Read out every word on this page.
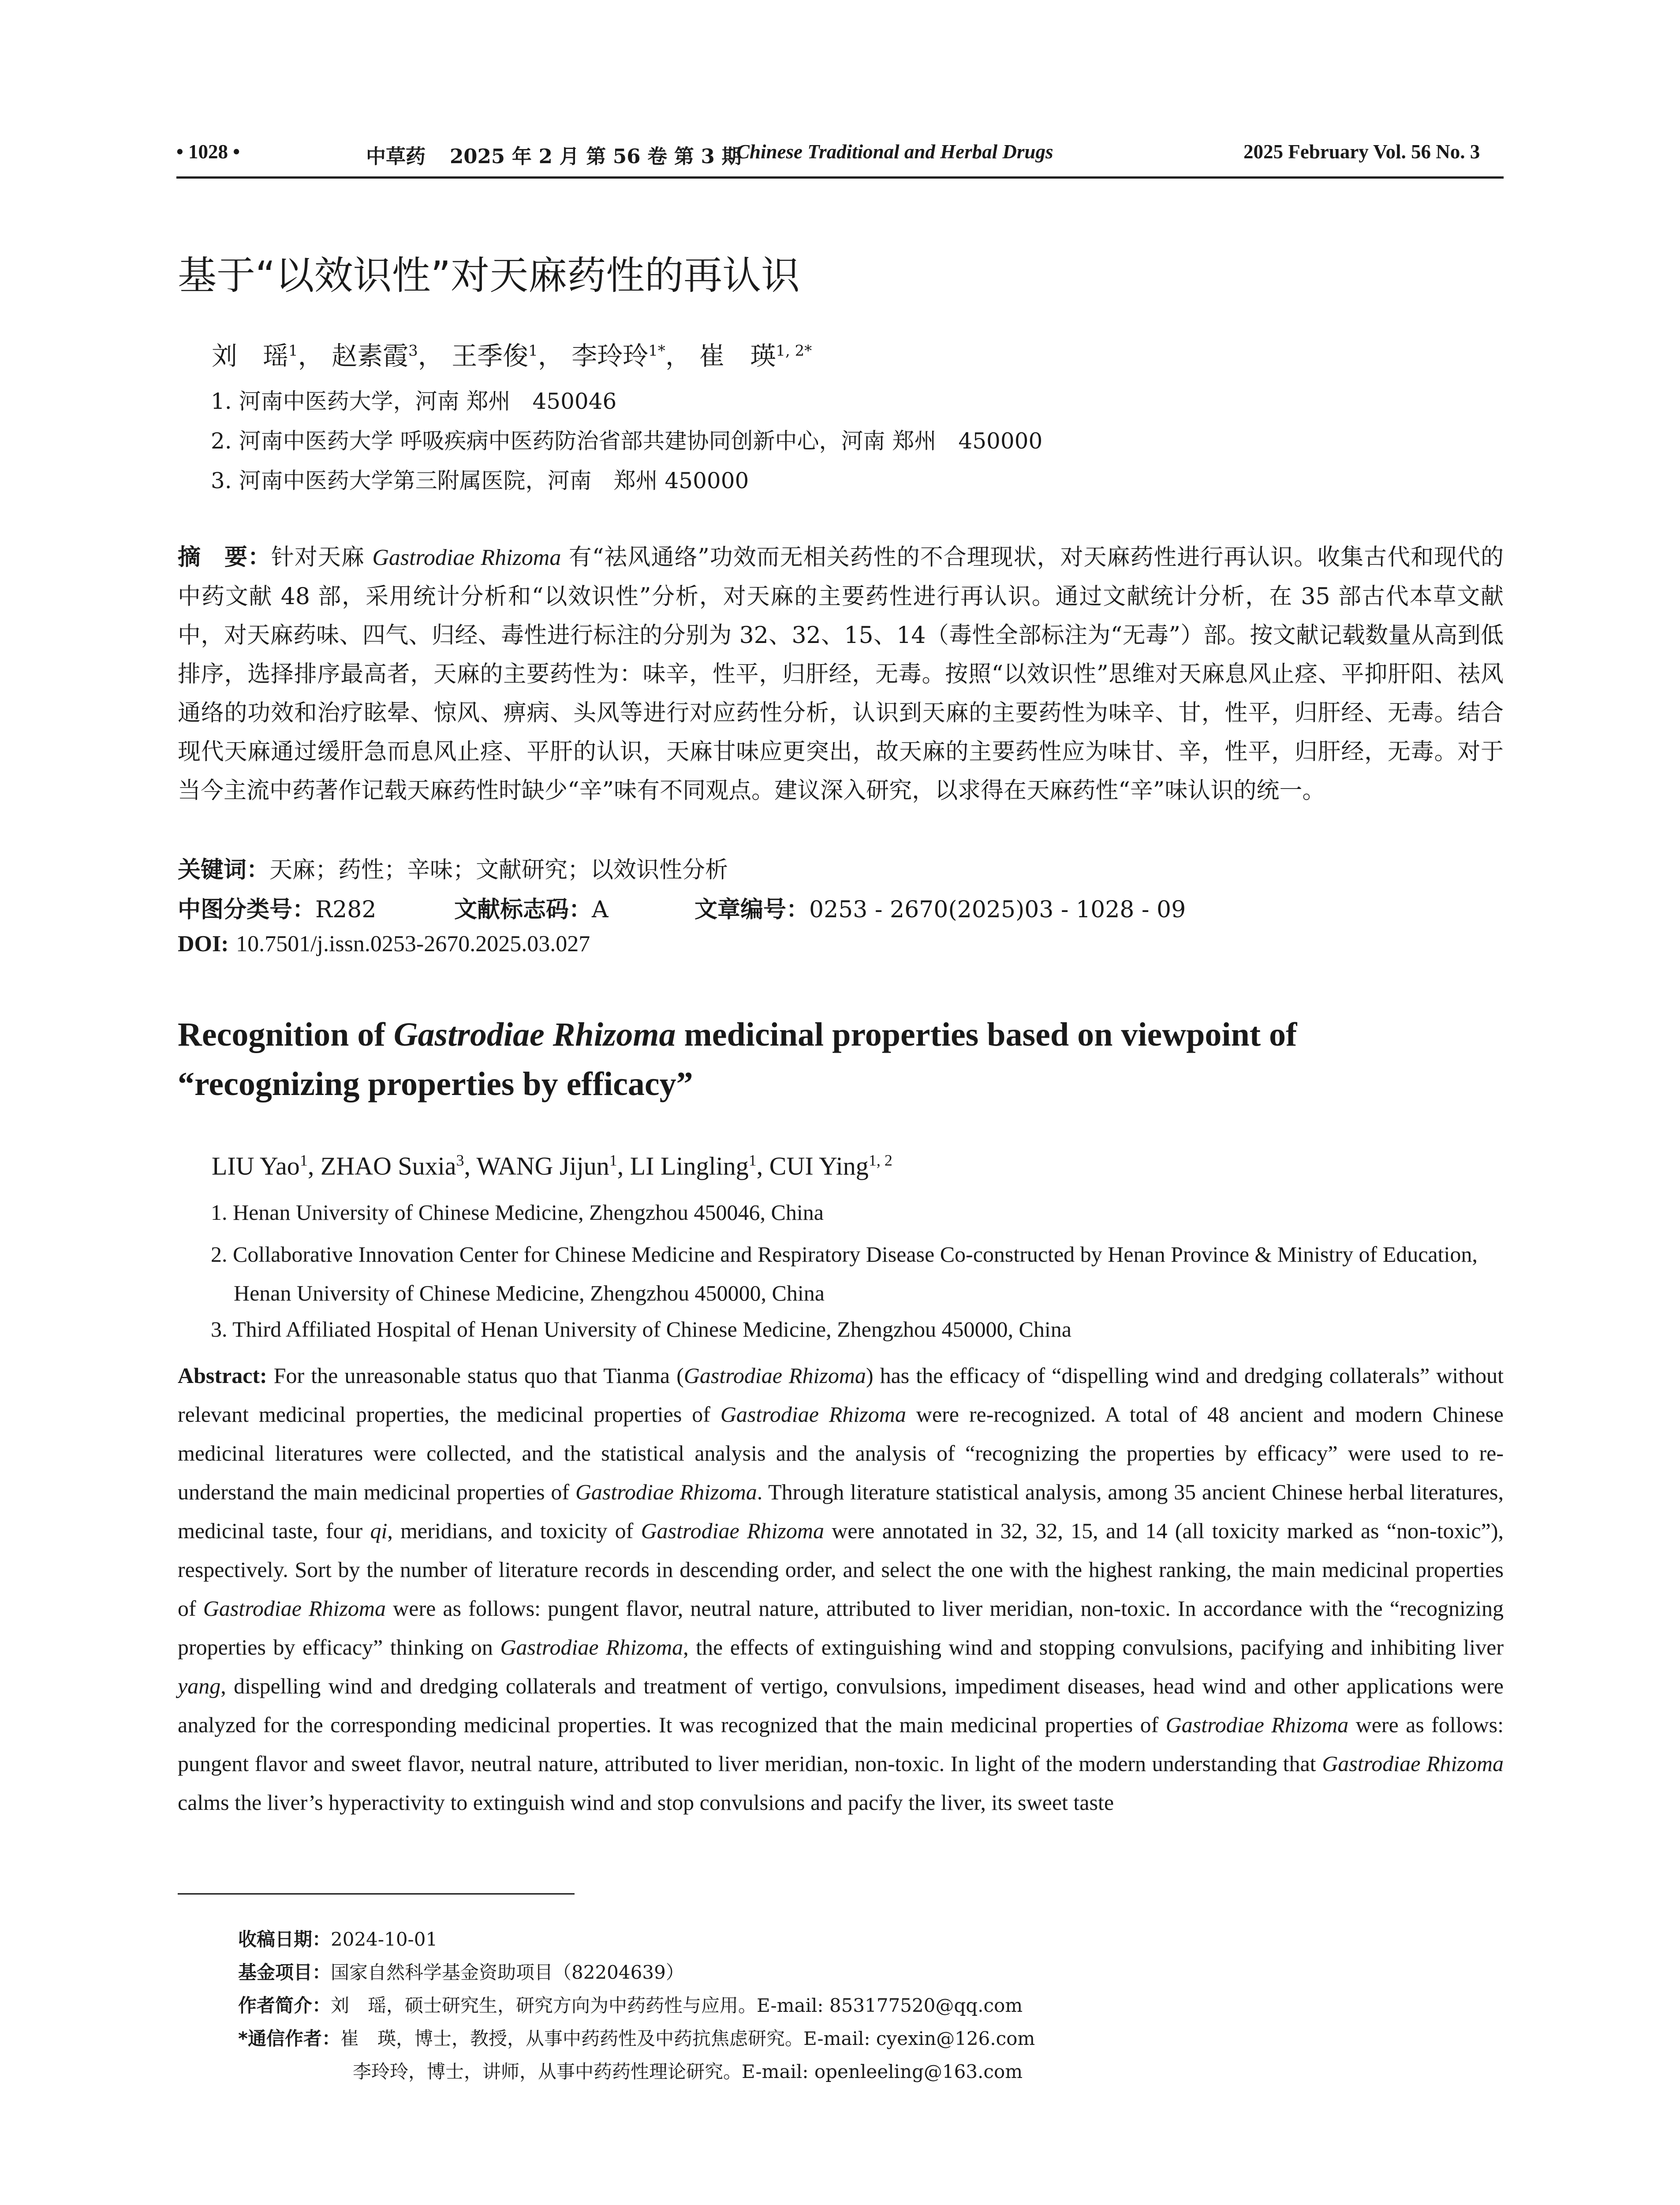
• 1028 •	中草药 2025 年 2 月 第 56 卷 第 3 期
Chinese Traditional and Herbal Drugs	2025 February Vol. 56 No. 3
基于“以效识性”对天麻药性的再认识
刘　瑶$^1$， 赵素霞$^3$， 王季俊$^1$， 李玲玲$^{1*}$， 崔　瑛$^{1, 2*}$
1. 河南中医药大学，河南 郑州　450046
2. 河南中医药大学 呼吸疾病中医药防治省部共建协同创新中心，河南 郑州　450000
3. 河南中医药大学第三附属医院，河南　郑州 450000
摘　要：针对天麻 Gastrodiae Rhizoma 有“祛风通络”功效而无相关药性的不合理现状，对天麻药性进行再认识。收集古代和现代的中药文献 48 部，采用统计分析和“以效识性”分析，对天麻的主要药性进行再认识。通过文献统计分析，在 35 部古代本草文献中，对天麻药味、四气、归经、毒性进行标注的分别为 32、32、15、14（毒性全部标注为“无毒”）部。按文献记载数量从高到低排序，选择排序最高者，天麻的主要药性为：味辛，性平，归肝经，无毒。按照“以效识性”思维对天麻息风止痉、平抑肝阳、祛风通络的功效和治疗眩晕、惊风、痹病、头风等进行对应药性分析，认识到天麻的主要药性为味辛、甘，性平，归肝经、无毒。结合现代天麻通过缓肝急而息风止痉、平肝的认识，天麻甘味应更突出，故天麻的主要药性应为味甘、辛，性平，归肝经，无毒。对于当今主流中药著作记载天麻药性时缺少“辛”味有不同观点。建议深入研究，以求得在天麻药性“辛”味认识的统一。
关键词：天麻；药性；辛味；文献研究；以效识性分析
中图分类号：R282	文献标志码：A	文章编号：0253 - 2670(2025)03 - 1028 - 09
DOI: 10.7501/j.issn.0253-2670.2025.03.027
Recognition of Gastrodiae Rhizoma medicinal properties based on viewpoint of
“recognizing properties by efficacy”
LIU Yao$^1$, ZHAO Suxia$^3$, WANG Jijun$^1$, LI Lingling$^1$, CUI Ying$^{1, 2}$
1. Henan University of Chinese Medicine, Zhengzhou 450046, China
2. Collaborative Innovation Center for Chinese Medicine and Respiratory Disease Co-constructed by Henan Province & Ministry of Education, Henan University of Chinese Medicine, Zhengzhou 450000, China
3. Third Affiliated Hospital of Henan University of Chinese Medicine, Zhengzhou 450000, China
Abstract: For the unreasonable status quo that Tianma (Gastrodiae Rhizoma) has the efficacy of “dispelling wind and dredging collaterals” without relevant medicinal properties, the medicinal properties of Gastrodiae Rhizoma were re-recognized. A total of 48 ancient and modern Chinese medicinal literatures were collected, and the statistical analysis and the analysis of “recognizing the properties by efficacy” were used to re-understand the main medicinal properties of Gastrodiae Rhizoma. Through literature statistical analysis, among 35 ancient Chinese herbal literatures, medicinal taste, four qi, meridians, and toxicity of Gastrodiae Rhizoma were annotated in 32, 32, 15, and 14 (all toxicity marked as “non-toxic”), respectively. Sort by the number of literature records in descending order, and select the one with the highest ranking, the main medicinal properties of Gastrodiae Rhizoma were as follows: pungent flavor, neutral nature, attributed to liver meridian, non-toxic. In accordance with the “recognizing properties by efficacy” thinking on Gastrodiae Rhizoma, the effects of extinguishing wind and stopping convulsions, pacifying and inhibiting liver yang, dispelling wind and dredging collaterals and treatment of vertigo, convulsions, impediment diseases, head wind and other applications were analyzed for the corresponding medicinal properties. It was recognized that the main medicinal properties of Gastrodiae Rhizoma were as follows: pungent flavor and sweet flavor, neutral nature, attributed to liver meridian, non-toxic. In light of the modern understanding that Gastrodiae Rhizoma calms the liver’s hyperactivity to extinguish wind and stop convulsions and pacify the liver, its sweet taste
收稿日期：2024-10-01
基金项目：国家自然科学基金资助项目（82204639）
作者简介：刘　瑶，硕士研究生，研究方向为中药药性与应用。E-mail: 853177520@qq.com
*通信作者：崔　瑛，博士，教授，从事中药药性及中药抗焦虑研究。E-mail: cyexin@126.com
李玲玲，博士，讲师，从事中药药性理论研究。E-mail: openleeling@163.com
